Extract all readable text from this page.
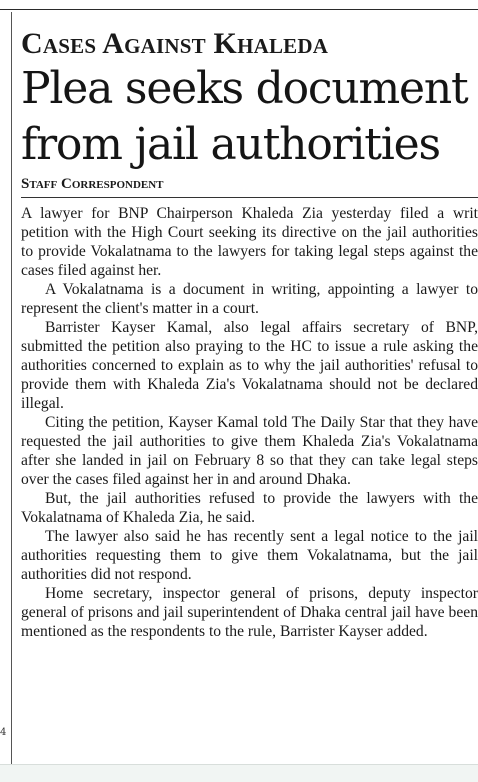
4
Cases Against Khaleda
Plea seeks document
from jail authorities
Staff Correspondent

A lawyer for BNP Chairperson Khaleda Zia yesterday filed a writ petition with the High Court seeking its directive on the jail authorities to provide Vokalatnama to the lawyers for taking legal steps against the cases filed against her.

A Vokalatnama is a document in writing, appointing a lawyer to represent the client's matter in a court.

Barrister Kayser Kamal, also legal affairs secretary of BNP, submitted the petition also praying to the HC to issue a rule asking the authorities concerned to explain as to why the jail authorities' refusal to provide them with Khaleda Zia's Vokalatnama should not be declared illegal.

Citing the petition, Kayser Kamal told The Daily Star that they have requested the jail authorities to give them Khaleda Zia's Vokalatnama after she landed in jail on February 8 so that they can take legal steps over the cases filed against her in and around Dhaka.

But, the jail authorities refused to provide the lawyers with the Vokalatnama of Khaleda Zia, he said.

The lawyer also said he has recently sent a legal notice to the jail authorities requesting them to give them Vokalatnama, but the jail authorities did not respond.

Home secretary, inspector general of prisons, deputy inspector general of prisons and jail superintendent of Dhaka central jail have been mentioned as the respondents to the rule, Barrister Kayser added.
